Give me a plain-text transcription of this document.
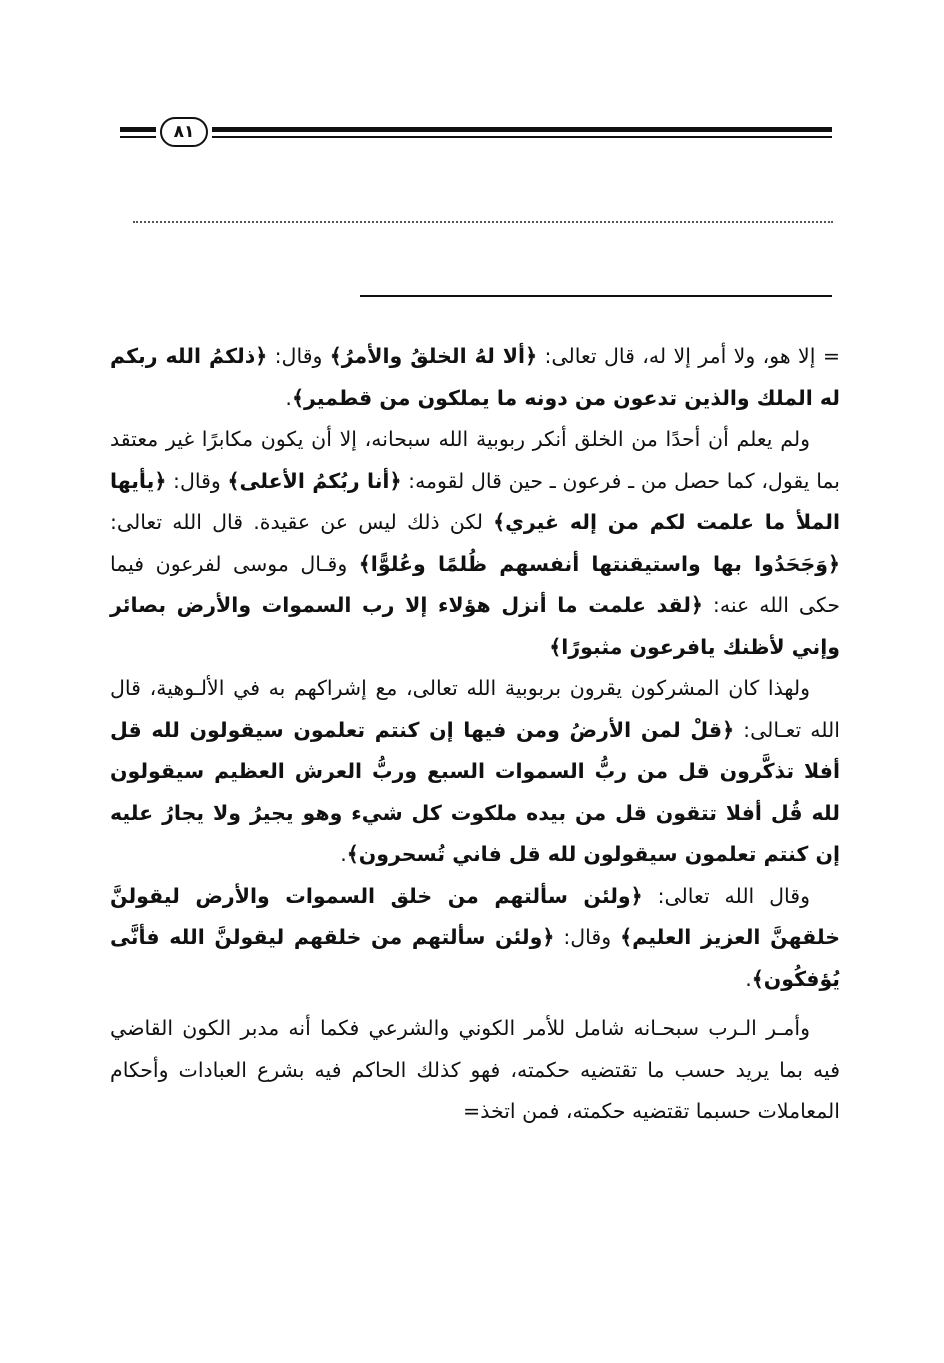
٨١

= إلا هو، ولا أمر إلا له، قال تعالى: ﴿ألا لهُ الخلقُ والأمرُ﴾ وقال: ﴿ذلكمُ الله ربكم له الملك والذين تدعون من دونه ما يملكون من قطمير﴾.

ولم يعلم أن أحدًا من الخلق أنكر ربوبية الله سبحانه، إلا أن يكون مكابرًا غير معتقد بما يقول، كما حصل من ـ فرعون ـ حين قال لقومه: ﴿أنا ربُكمُ الأعلى﴾ وقال: ﴿يأيها الملأ ما علمت لكم من إله غيري﴾ لكن ذلك ليس عن عقيدة. قال الله تعالى: ﴿وَجَحَدُوا بها واستيقنتها أنفسهم ظُلمًا وعُلوًّا﴾ وقـال موسى لفرعون فيما حكى الله عنه: ﴿لقد علمت ما أنزل هؤلاء إلا رب السموات والأرض بصائر وإني لأظنك يافرعون مثبورًا﴾

ولهذا كان المشركون يقرون بربوبية الله تعالى، مع إشراكهم به في الألـوهية، قال الله تعـالى: ﴿قلْ لمن الأرضُ ومن فيها إن كنتم تعلمون سيقولون لله قل أفلا تذكَّرون قل من ربُّ السموات السبع وربُّ العرش العظيم سيقولون لله قُل أفلا تتقون قل من بيده ملكوت كل شيء وهو يجيرُ ولا يجارُ عليه إن كنتم تعلمون سيقولون لله قل فاني تُسحرون﴾.

وقال الله تعالى: ﴿ولئن سألتهم من خلق السموات والأرض ليقولنَّ خلقهنَّ العزيز العليم﴾ وقال: ﴿ولئن سألتهم من خلقهم ليقولنَّ الله فأنَّى يُؤفكُون﴾.

وأمـر الـرب سبحـانه شامل للأمر الكوني والشرعي فكما أنه مدبر الكون القاضي فيه بما يريد حسب ما تقتضيه حكمته، فهو كذلك الحاكم فيه بشرع العبادات وأحكام المعاملات حسبما تقتضيه حكمته، فمن اتخذ=
